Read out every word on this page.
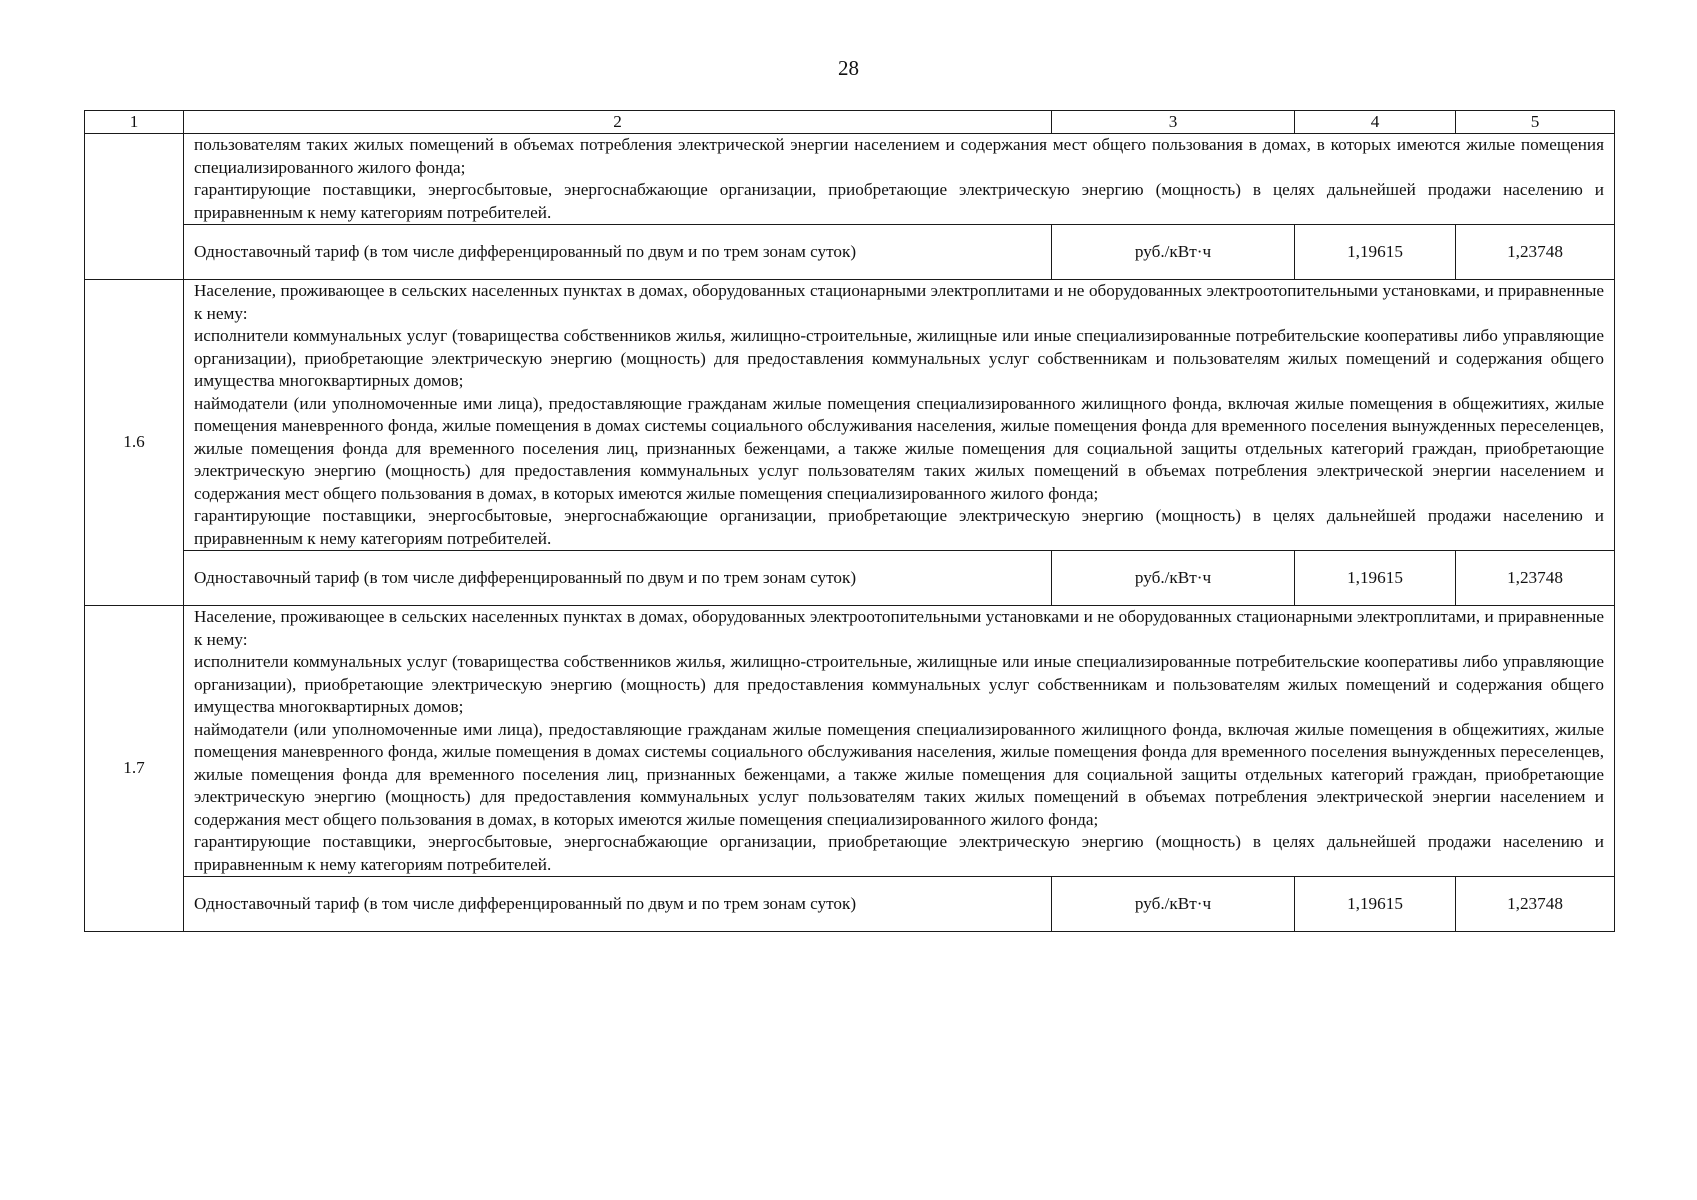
28
1	2	3	4	5

	пользователям таких жилых помещений в объемах потребления электрической энергии населением и содержания мест общего пользования в домах, в которых имеются жилые помещения специализированного жилого фонда;

гарантирующие поставщики, энергосбытовые, энергоснабжающие организации, приобретающие электрическую энергию (мощность) в целях дальнейшей продажи населению и приравненным к нему категориям потребителей.			

	Одноставочный тариф (в том числе дифференцированный по двум и по трем зонам суток)	руб./кВт·ч	1,19615	1,23748
1.6	Население, проживающее в сельских населенных пунктах в домах, оборудованных стационарными электроплитами и не оборудованных электроотопительными установками, и приравненные к нему:

исполнители коммунальных услуг (товарищества собственников жилья, жилищно-строительные, жилищные или иные специализированные потребительские кооперативы либо управляющие организации), приобретающие электрическую энергию (мощность) для предоставления коммунальных услуг собственникам и пользователям жилых помещений и содержания общего имущества многоквартирных домов;

наймодатели (или уполномоченные ими лица), предоставляющие гражданам жилые помещения специализированного жилищного фонда, включая жилые помещения в общежитиях, жилые помещения маневренного фонда, жилые помещения в домах системы социального обслуживания населения, жилые помещения фонда для временного поселения вынужденных переселенцев, жилые помещения фонда для временного поселения лиц, признанных беженцами, а также жилые помещения для социальной защиты отдельных категорий граждан, приобретающие электрическую энергию (мощность) для предоставления коммунальных услуг пользователям таких жилых помещений в объемах потребления электрической энергии населением и содержания мест общего пользования в домах, в которых имеются жилые помещения специализированного жилого фонда;

гарантирующие поставщики, энергосбытовые, энергоснабжающие организации, приобретающие электрическую энергию (мощность) в целях дальнейшей продажи населению и приравненным к нему категориям потребителей.			

	Одноставочный тариф (в том числе дифференцированный по двум и по трем зонам суток)	руб./кВт·ч	1,19615	1,23748
1.7	Население, проживающее в сельских населенных пунктах в домах, оборудованных электроотопительными установками и не оборудованных стационарными электроплитами, и приравненные к нему:

исполнители коммунальных услуг (товарищества собственников жилья, жилищно-строительные, жилищные или иные специализированные потребительские кооперативы либо управляющие организации), приобретающие электрическую энергию (мощность) для предоставления коммунальных услуг собственникам и пользователям жилых помещений и содержания общего имущества многоквартирных домов;

наймодатели (или уполномоченные ими лица), предоставляющие гражданам жилые помещения специализированного жилищного фонда, включая жилые помещения в общежитиях, жилые помещения маневренного фонда, жилые помещения в домах системы социального обслуживания населения, жилые помещения фонда для временного поселения вынужденных переселенцев, жилые помещения фонда для временного поселения лиц, признанных беженцами, а также жилые помещения для социальной защиты отдельных категорий граждан, приобретающие электрическую энергию (мощность) для предоставления коммунальных услуг пользователям таких жилых помещений в объемах потребления электрической энергии населением и содержания мест общего пользования в домах, в которых имеются жилые помещения специализированного жилого фонда;

гарантирующие поставщики, энергосбытовые, энергоснабжающие организации, приобретающие электрическую энергию (мощность) в целях дальнейшей продажи населению и приравненным к нему категориям потребителей.			

	Одноставочный тариф (в том числе дифференцированный по двум и по трем зонам суток)	руб./кВт·ч	1,19615	1,23748
